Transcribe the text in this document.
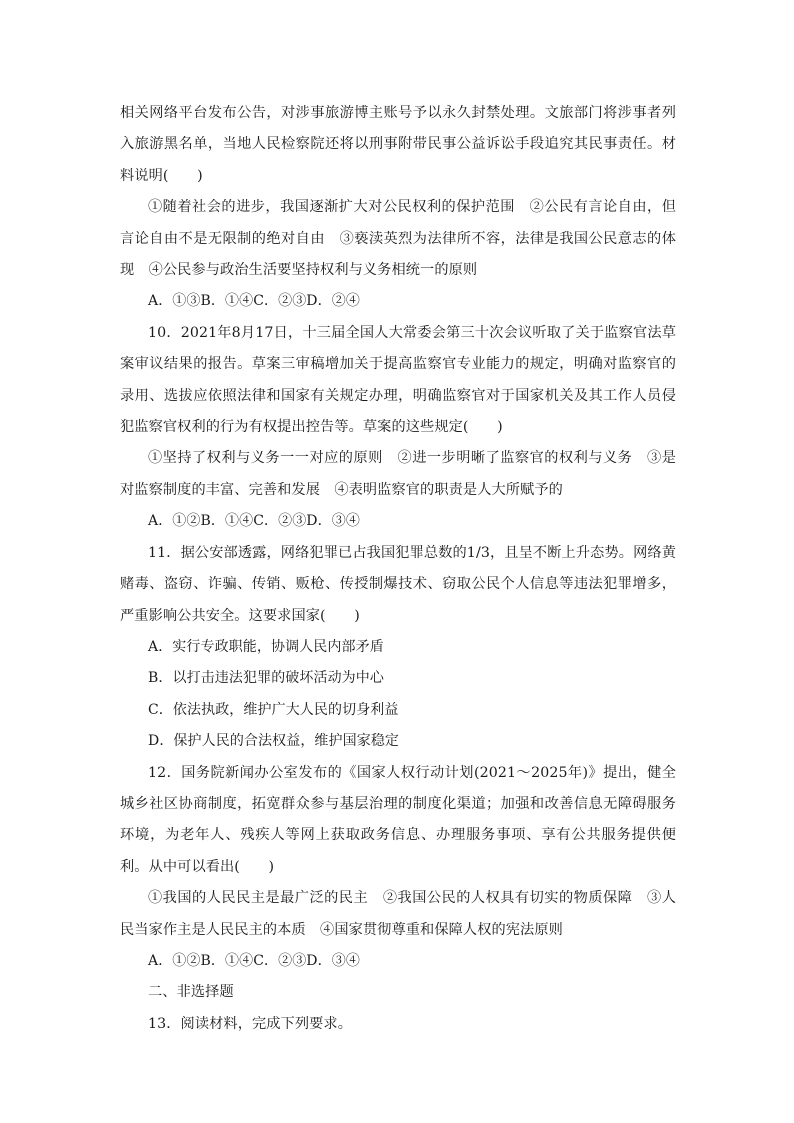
相关网络平台发布公告，对涉事旅游博主账号予以永久封禁处理。文旅部门将涉事者列入旅游黑名单，当地人民检察院还将以刑事附带民事公益诉讼手段追究其民事责任。材料说明(　　)

①随着社会的进步，我国逐渐扩大对公民权利的保护范围　②公民有言论自由，但言论自由不是无限制的绝对自由　③亵渎英烈为法律所不容，法律是我国公民意志的体现　④公民参与政治生活要坚持权利与义务相统一的原则

A．①③B．①④C．②③D．②④

10．2021年8月17日，十三届全国人大常委会第三十次会议听取了关于监察官法草案审议结果的报告。草案三审稿增加关于提高监察官专业能力的规定，明确对监察官的录用、选拔应依照法律和国家有关规定办理，明确监察官对于国家机关及其工作人员侵犯监察官权利的行为有权提出控告等。草案的这些规定(　　)

①坚持了权利与义务一一对应的原则　②进一步明晰了监察官的权利与义务　③是对监察制度的丰富、完善和发展　④表明监察官的职责是人大所赋予的

A．①②B．①④C．②③D．③④

11．据公安部透露，网络犯罪已占我国犯罪总数的1/3，且呈不断上升态势。网络黄赌毒、盗窃、诈骗、传销、贩枪、传授制爆技术、窃取公民个人信息等违法犯罪增多，严重影响公共安全。这要求国家(　　)

A．实行专政职能，协调人民内部矛盾

B．以打击违法犯罪的破坏活动为中心

C．依法执政，维护广大人民的切身利益

D．保护人民的合法权益，维护国家稳定

12．国务院新闻办公室发布的《国家人权行动计划(2021～2025年)》提出，健全城乡社区协商制度，拓宽群众参与基层治理的制度化渠道；加强和改善信息无障碍服务环境，为老年人、残疾人等网上获取政务信息、办理服务事项、享有公共服务提供便利。从中可以看出(　　)

①我国的人民民主是最广泛的民主　②我国公民的人权具有切实的物质保障　③人民当家作主是人民民主的本质　④国家贯彻尊重和保障人权的宪法原则

A．①②B．①④C．②③D．③④

二、非选择题

13．阅读材料，完成下列要求。
